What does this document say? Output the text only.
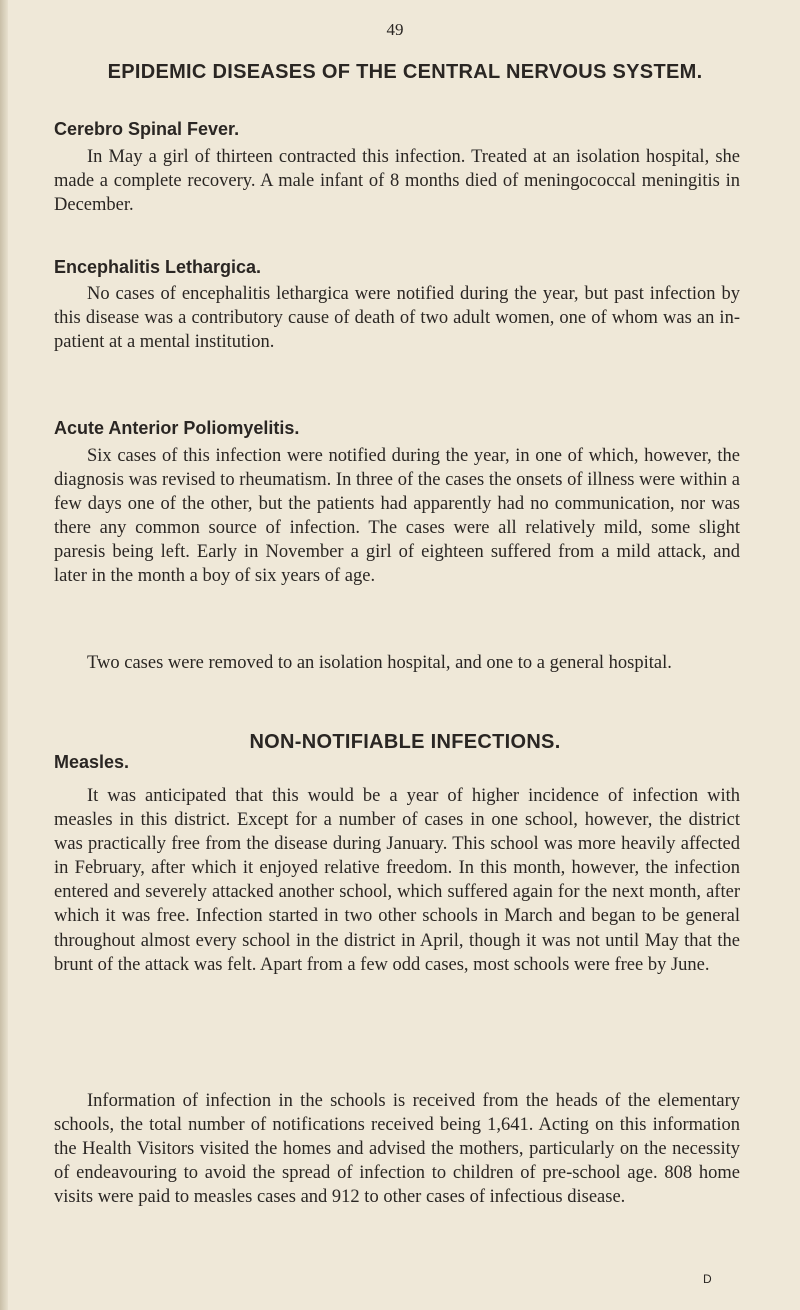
49
EPIDEMIC DISEASES OF THE CENTRAL NERVOUS SYSTEM.
Cerebro Spinal Fever.

In May a girl of thirteen contracted this infection. Treated at an isolation hospital, she made a complete recovery. A male infant of 8 months died of meningococcal meningitis in December.

Encephalitis Lethargica.

No cases of encephalitis lethargica were notified during the year, but past infection by this disease was a contributory cause of death of two adult women, one of whom was an in-patient at a mental institution.

Acute Anterior Poliomyelitis.

Six cases of this infection were notified during the year, in one of which, however, the diagnosis was revised to rheumatism. In three of the cases the onsets of illness were within a few days one of the other, but the patients had apparently had no communication, nor was there any common source of infection. The cases were all relatively mild, some slight paresis being left. Early in November a girl of eighteen suffered from a mild attack, and later in the month a boy of six years of age.

Two cases were removed to an isolation hospital, and one to a general hospital.

NON-NOTIFIABLE INFECTIONS.
Measles.

It was anticipated that this would be a year of higher incidence of infection with measles in this district. Except for a number of cases in one school, however, the district was practically free from the disease during January. This school was more heavily affected in February, after which it enjoyed relative freedom. In this month, however, the infection entered and severely attacked another school, which suffered again for the next month, after which it was free. Infection started in two other schools in March and began to be general throughout almost every school in the district in April, though it was not until May that the brunt of the attack was felt. Apart from a few odd cases, most schools were free by June.

Information of infection in the schools is received from the heads of the elementary schools, the total number of notifications received being 1,641. Acting on this information the Health Visitors visited the homes and advised the mothers, particularly on the necessity of endeavouring to avoid the spread of infection to children of pre-school age. 808 home visits were paid to measles cases and 912 to other cases of infectious disease.

D
